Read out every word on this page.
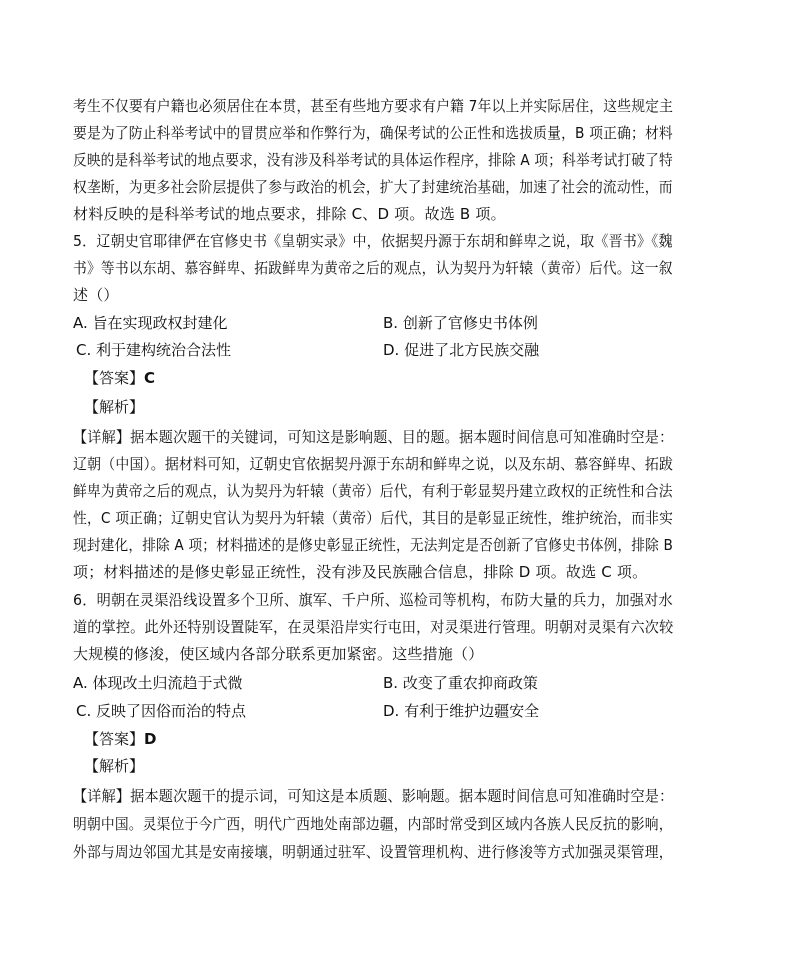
考生不仅要有户籍也必须居住在本贯，甚至有些地方要求有户籍 7年以上并实际居住，这些规定主
要是为了防止科举考试中的冒贯应举和作弊行为，确保考试的公正性和选拔质量，B 项正确；材料
反映的是科举考试的地点要求，没有涉及科举考试的具体运作程序，排除 A 项；科举考试打破了特
权垄断，为更多社会阶层提供了参与政治的机会，扩大了封建统治基础，加速了社会的流动性，而
材料反映的是科举考试的地点要求，排除 C、D 项。故选 B 项。
5．辽朝史官耶律俨在官修史书《皇朝实录》中，依据契丹源于东胡和鲜卑之说，取《晋书》《魏
书》等书以东胡、慕容鲜卑、拓跋鲜卑为黄帝之后的观点，认为契丹为轩辕（黄帝）后代。这一叙
述（）
A. 旨在实现政权封建化	B. 创新了官修史书体例
C. 利于建构统治合法性	D. 促进了北方民族交融
【答案】C
【解析】
【详解】据本题次题干的关键词，可知这是影响题、目的题。据本题时间信息可知准确时空是：
辽朝（中国）。据材料可知，辽朝史官依据契丹源于东胡和鲜卑之说，以及东胡、慕容鲜卑、拓跋
鲜卑为黄帝之后的观点，认为契丹为轩辕（黄帝）后代，有利于彰显契丹建立政权的正统性和合法
性，C 项正确；辽朝史官认为契丹为轩辕（黄帝）后代，其目的是彰显正统性，维护统治，而非实
现封建化，排除 A 项；材料描述的是修史彰显正统性，无法判定是否创新了官修史书体例，排除 B
项；材料描述的是修史彰显正统性，没有涉及民族融合信息，排除 D 项。故选 C 项。
6．明朝在灵渠沿线设置多个卫所、旗军、千户所、巡检司等机构，布防大量的兵力，加强对水
道的掌控。此外还特别设置陡军，在灵渠沿岸实行屯田，对灵渠进行管理。明朝对灵渠有六次较
大规模的修浚，使区域内各部分联系更加紧密。这些措施（）
A. 体现改土归流趋于式微	B. 改变了重农抑商政策
C. 反映了因俗而治的特点	D. 有利于维护边疆安全
【答案】D
【解析】
【详解】据本题次题干的提示词，可知这是本质题、影响题。据本题时间信息可知准确时空是：
明朝中国。灵渠位于今广西，明代广西地处南部边疆，内部时常受到区域内各族人民反抗的影响，
外部与周边邻国尤其是安南接壤，明朝通过驻军、设置管理机构、进行修浚等方式加强灵渠管理，
